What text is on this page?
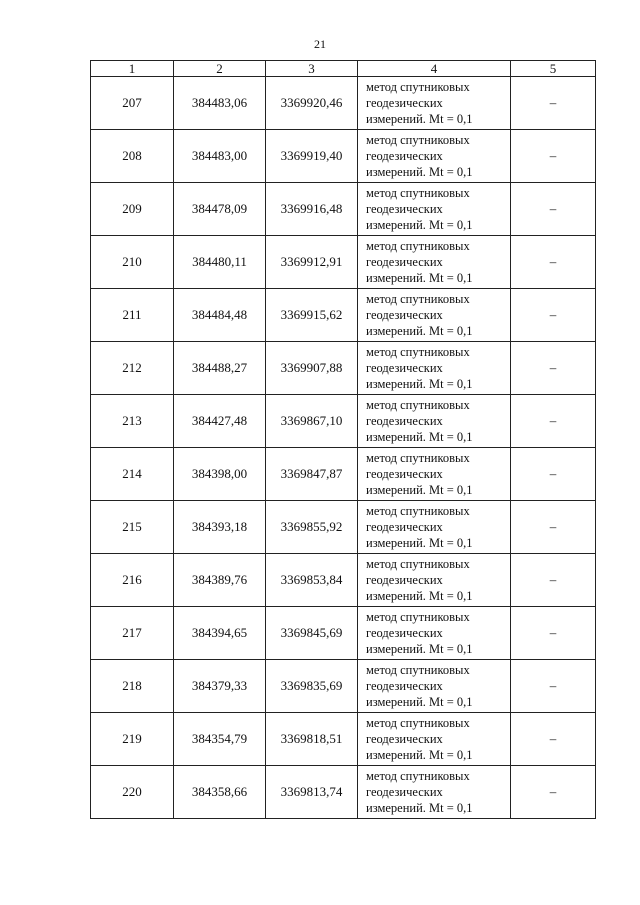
21
1	2	3	4	5
207	384483,06	3369920,46	метод спутниковых
геодезических
измерений. Mt = 0,1	–
208	384483,00	3369919,40	метод спутниковых
геодезических
измерений. Mt = 0,1	–
209	384478,09	3369916,48	метод спутниковых
геодезических
измерений. Mt = 0,1	–
210	384480,11	3369912,91	метод спутниковых
геодезических
измерений. Mt = 0,1	–
211	384484,48	3369915,62	метод спутниковых
геодезических
измерений. Mt = 0,1	–
212	384488,27	3369907,88	метод спутниковых
геодезических
измерений. Mt = 0,1	–
213	384427,48	3369867,10	метод спутниковых
геодезических
измерений. Mt = 0,1	–
214	384398,00	3369847,87	метод спутниковых
геодезических
измерений. Mt = 0,1	–
215	384393,18	3369855,92	метод спутниковых
геодезических
измерений. Mt = 0,1	–
216	384389,76	3369853,84	метод спутниковых
геодезических
измерений. Mt = 0,1	–
217	384394,65	3369845,69	метод спутниковых
геодезических
измерений. Mt = 0,1	–
218	384379,33	3369835,69	метод спутниковых
геодезических
измерений. Mt = 0,1	–
219	384354,79	3369818,51	метод спутниковых
геодезических
измерений. Mt = 0,1	–
220	384358,66	3369813,74	метод спутниковых
геодезических
измерений. Mt = 0,1	–
